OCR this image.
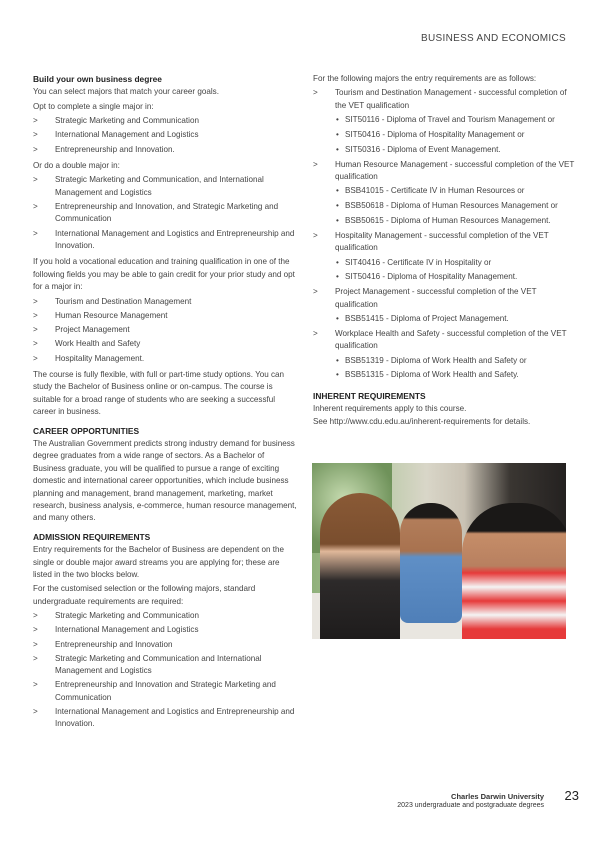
BUSINESS AND ECONOMICS
Build your own business degree

You can select majors that match your career goals.

Opt to complete a single major in:

> Strategic Marketing and Communication
> International Management and Logistics
> Entrepreneurship and Innovation.

Or do a double major in:

> Strategic Marketing and Communication, and International Management and Logistics
> Entrepreneurship and Innovation, and Strategic Marketing and Communication
> International Management and Logistics and Entrepreneurship and Innovation.

If you hold a vocational education and training qualification in one of the following fields you may be able to gain credit for your prior study and opt for a major in:

> Tourism and Destination Management
> Human Resource Management
> Project Management
> Work Health and Safety
> Hospitality Management.

The course is fully flexible, with full or part-time study options. You can study the Bachelor of Business online or on-campus. The course is suitable for a broad range of students who are seeking a successful career in business.

CAREER OPPORTUNITIES

The Australian Government predicts strong industry demand for business degree graduates from a wide range of sectors. As a Bachelor of Business graduate, you will be qualified to pursue a range of exciting domestic and international career opportunities, which include business planning and management, brand management, marketing, market research, business analysis, e-commerce, human resource management, and many others.

ADMISSION REQUIREMENTS

Entry requirements for the Bachelor of Business are dependent on the single or double major award streams you are applying for; these are listed in the two blocks below.

For the customised selection or the following majors, standard undergraduate requirements are required:

> Strategic Marketing and Communication
> International Management and Logistics
> Entrepreneurship and Innovation
> Strategic Marketing and Communication and International Management and Logistics
> Entrepreneurship and Innovation and Strategic Marketing and Communication
> International Management and Logistics and Entrepreneurship and Innovation.

For the following majors the entry requirements are as follows:

> Tourism and Destination Management - successful completion of the VET qualification
• SIT50116 - Diploma of Travel and Tourism Management or
• SIT50416 - Diploma of Hospitality Management or
• SIT50316 - Diploma of Event Management.
> Human Resource Management - successful completion of the VET qualification
• BSB41015 - Certificate IV in Human Resources or
• BSB50618 - Diploma of Human Resources Management or
• BSB50615 - Diploma of Human Resources Management.
> Hospitality Management - successful completion of the VET qualification
• SIT40416 - Certificate IV in Hospitality or
• SIT50416 - Diploma of Hospitality Management.
> Project Management - successful completion of the VET qualification
• BSB51415 - Diploma of Project Management.
> Workplace Health and Safety - successful completion of the VET qualification
• BSB51319 - Diploma of Work Health and Safety or
• BSB51315 - Diploma of Work Health and Safety.
INHERENT REQUIREMENTS
Inherent requirements apply to this course.
See http://www.cdu.edu.au/inherent-requirements for details.
Charles Darwin University
2023 undergraduate and postgraduate degrees
23
